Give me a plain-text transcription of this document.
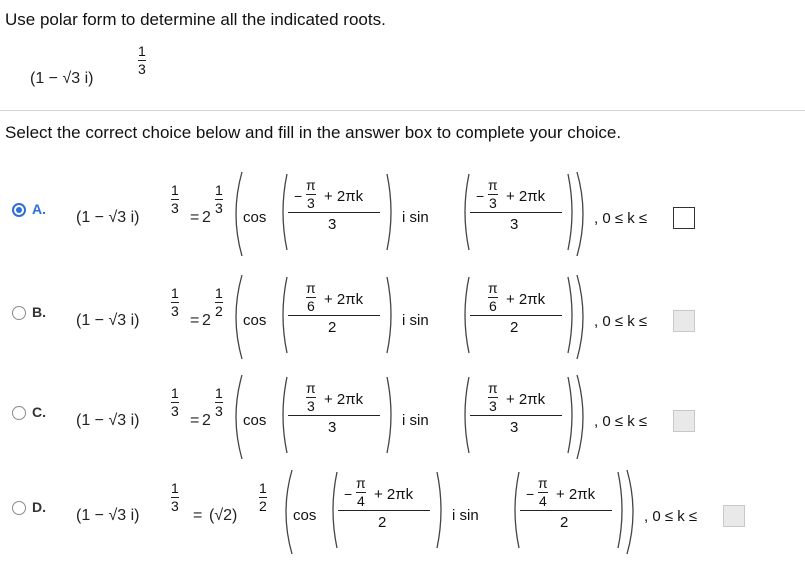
Use polar form to determine all the indicated roots.
(1 − √3 i)
1
3
Select the correct choice below and fill in the answer box to complete your choice.
A. (1 − √3 i)
1
3
= 2
1
3
cos
−
π
3 + 2πk
3	i sin
−
π
3 + 2πk
3	, 0 ≤ k ≤
B. (1 − √3 i)
1
3
= 2
1
2
cos
π
6 + 2πk
2	i sin
π
6 + 2πk
2	, 0 ≤ k ≤
C. (1 − √3 i)
1
3
= 2
1
3
cos
π
3 + 2πk
3	i sin
π
3 + 2πk
3	, 0 ≤ k ≤
D. (1 − √3 i)
1
3
= (√2)
1
2
cos
−
π
4 + 2πk
2	i sin
−
π
4 + 2πk
2	, 0 ≤ k ≤
